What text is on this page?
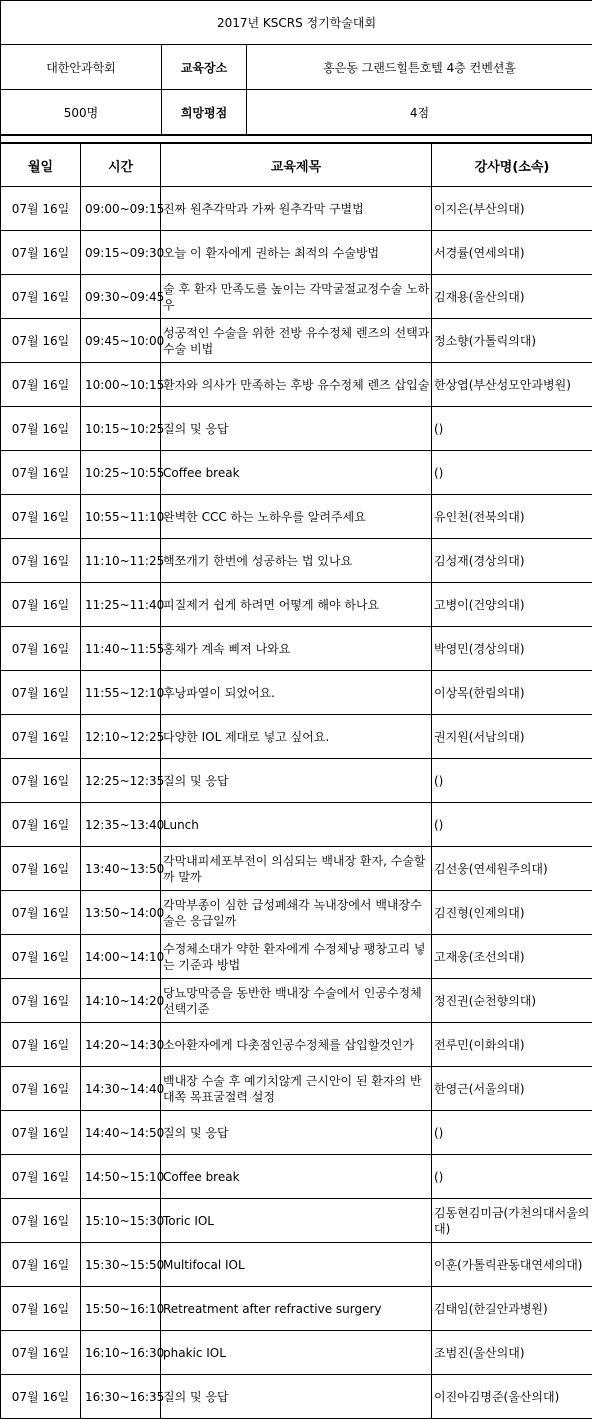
2017년 KSCRS 정기학술대회		
대한안과학회	교육장소	홍은동 그랜드힐튼호텔 4층 컨벤션홀
500명	희망평점	4점
월일	시간	교육제목	강사명(소속)
07월 16일	09:00~09:15	진짜 원추각막과 가짜 원추각막 구별법	이지은(부산의대)
07월 16일	09:15~09:30	오늘 이 환자에게 권하는 최적의 수술방법	서경률(연세의대)
07월 16일	09:30~09:45	술 후 환자 만족도를 높이는 각막굴절교정수술 노하우	김재용(울산의대)
07월 16일	09:45~10:00	성공적인 수술을 위한 전방 유수정체 렌즈의 선택과 수술 비법	정소향(가톨릭의대)
07월 16일	10:00~10:15	환자와 의사가 만족하는 후방 유수정체 렌즈 삽입술	한상엽(부산성모안과병원)
07월 16일	10:15~10:25	질의 및 응답	()
07월 16일	10:25~10:55	Coffee break	()
07월 16일	10:55~11:10	완벽한 CCC 하는 노하우를 알려주세요	유인천(전북의대)
07월 16일	11:10~11:25	핵쪼개기 한번에 성공하는 법 있나요	김성재(경상의대)
07월 16일	11:25~11:40	피질제거 쉽게 하려면 어떻게 해야 하나요	고병이(건양의대)
07월 16일	11:40~11:55	홍채가 계속 삐져 나와요	박영민(경상의대)
07월 16일	11:55~12:10	후낭파열이 되었어요.	이상목(한림의대)
07월 16일	12:10~12:25	다양한 IOL 제대로 넣고 싶어요.	권지원(서남의대)
07월 16일	12:25~12:35	질의 및 응답	()
07월 16일	12:35~13:40	Lunch	()
07월 16일	13:40~13:50	각막내피세포부전이 의심되는 백내장 환자, 수술할까 말까	김선웅(연세원주의대)
07월 16일	13:50~14:00	각막부종이 심한 급성폐쇄각 녹내장에서 백내장수술은 응급일까	김진형(인제의대)
07월 16일	14:00~14:10	수정체소대가 약한 환자에게 수정체낭 팽창고리 넣는 기준과 방법	고재웅(조선의대)
07월 16일	14:10~14:20	당뇨망막증을 동반한 백내장 수술에서 인공수정체 선택기준	정진권(순천향의대)
07월 16일	14:20~14:30	소아환자에게 다촛점인공수정체를 삽입할것인가	전루민(이화의대)
07월 16일	14:30~14:40	백내장 수술 후 예기치않게 근시안이 된 환자의 반대쪽 목표굴절력 설정	한영근(서울의대)
07월 16일	14:40~14:50	질의 및 응답	()
07월 16일	14:50~15:10	Coffee break	()
07월 16일	15:10~15:30	Toric IOL	김동현김미금(가천의대서울의대)
07월 16일	15:30~15:50	Multifocal IOL	이훈(가톨릭관동대연세의대)
07월 16일	15:50~16:10	Retreatment after refractive surgery	김태임(한길안과병원)
07월 16일	16:10~16:30	phakic IOL	조범진(울산의대)
07월 16일	16:30~16:35	질의 및 응답	이진아김명준(울산의대)
